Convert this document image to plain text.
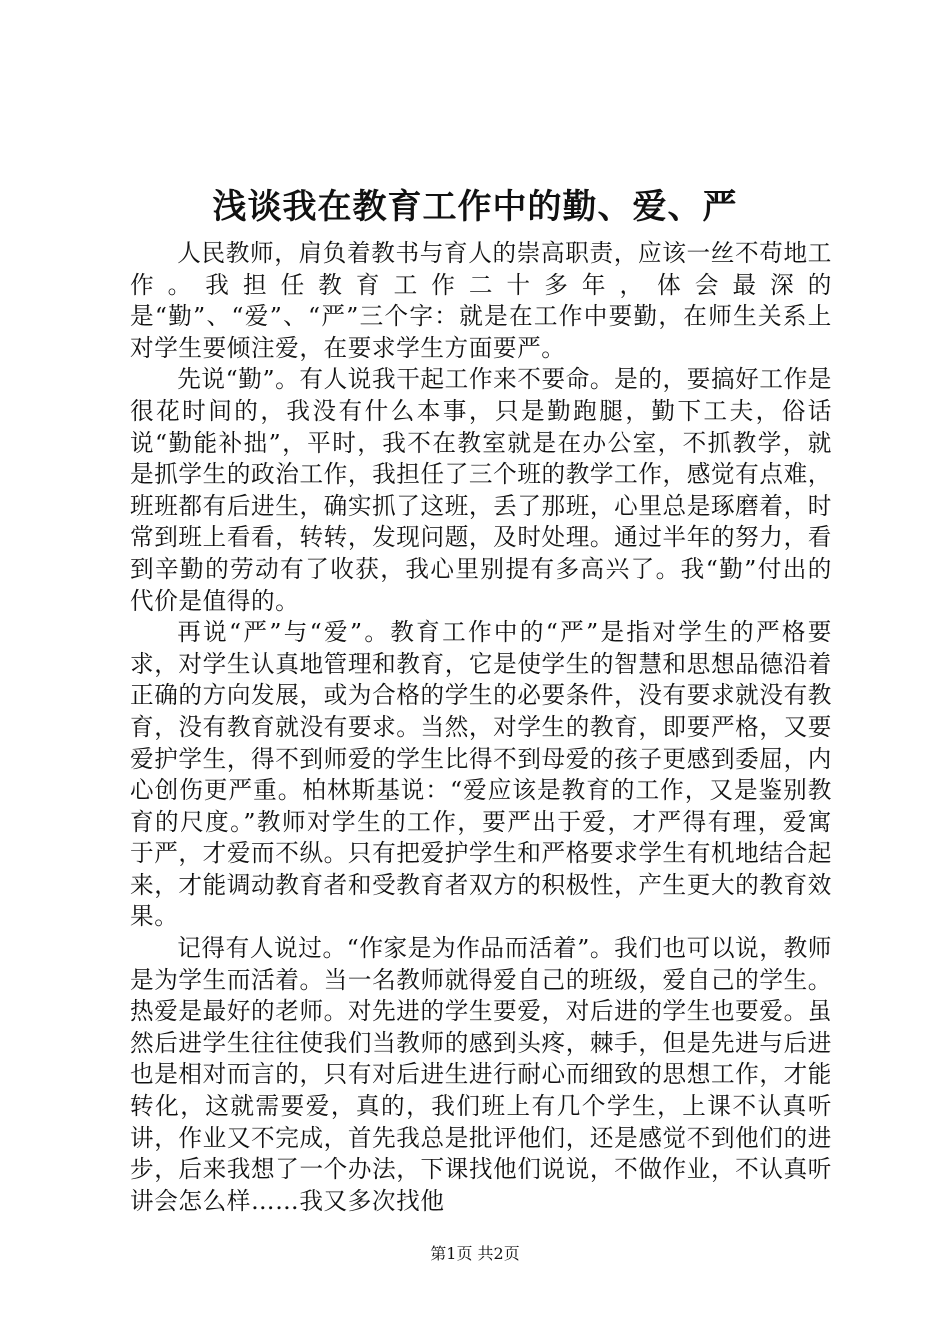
浅谈我在教育工作中的勤、爱、严

人民教师，肩负着教书与育人的崇高职责，应该一丝不苟地工作。我担任教育工作二十多年，体会最深的是“勤”、“爱”、“严”三个字：就是在工作中要勤，在师生关系上对学生要倾注爱，在要求学生方面要严。

先说“勤”。有人说我干起工作来不要命。是的，要搞好工作是很花时间的，我没有什么本事，只是勤跑腿，勤下工夫，俗话说“勤能补拙”，平时，我不在教室就是在办公室，不抓教学，就是抓学生的政治工作，我担任了三个班的教学工作，感觉有点难，班班都有后进生，确实抓了这班，丢了那班，心里总是琢磨着，时常到班上看看，转转，发现问题，及时处理。通过半年的努力，看到辛勤的劳动有了收获，我心里别提有多高兴了。我“勤”付出的代价是值得的。

再说“严”与“爱”。教育工作中的“严”是指对学生的严格要求，对学生认真地管理和教育，它是使学生的智慧和思想品德沿着正确的方向发展，或为合格的学生的必要条件，没有要求就没有教育，没有教育就没有要求。当然，对学生的教育，即要严格，又要爱护学生，得不到师爱的学生比得不到母爱的孩子更感到委屈，内心创伤更严重。柏林斯基说：“爱应该是教育的工作，又是鉴别教育的尺度。”教师对学生的工作，要严出于爱，才严得有理，爱寓于严，才爱而不纵。只有把爱护学生和严格要求学生有机地结合起来，才能调动教育者和受教育者双方的积极性，产生更大的教育效果。

记得有人说过。“作家是为作品而活着”。我们也可以说，教师是为学生而活着。当一名教师就得爱自己的班级，爱自己的学生。热爱是最好的老师。对先进的学生要爱，对后进的学生也要爱。虽然后进学生往往使我们当教师的感到头疼，棘手，但是先进与后进也是相对而言的，只有对后进生进行耐心而细致的思想工作，才能转化，这就需要爱，真的，我们班上有几个学生，上课不认真听讲，作业又不完成，首先我总是批评他们，还是感觉不到他们的进步，后来我想了一个办法，下课找他们说说，不做作业，不认真听讲会怎么样……我又多次找他

第1页 共2页
